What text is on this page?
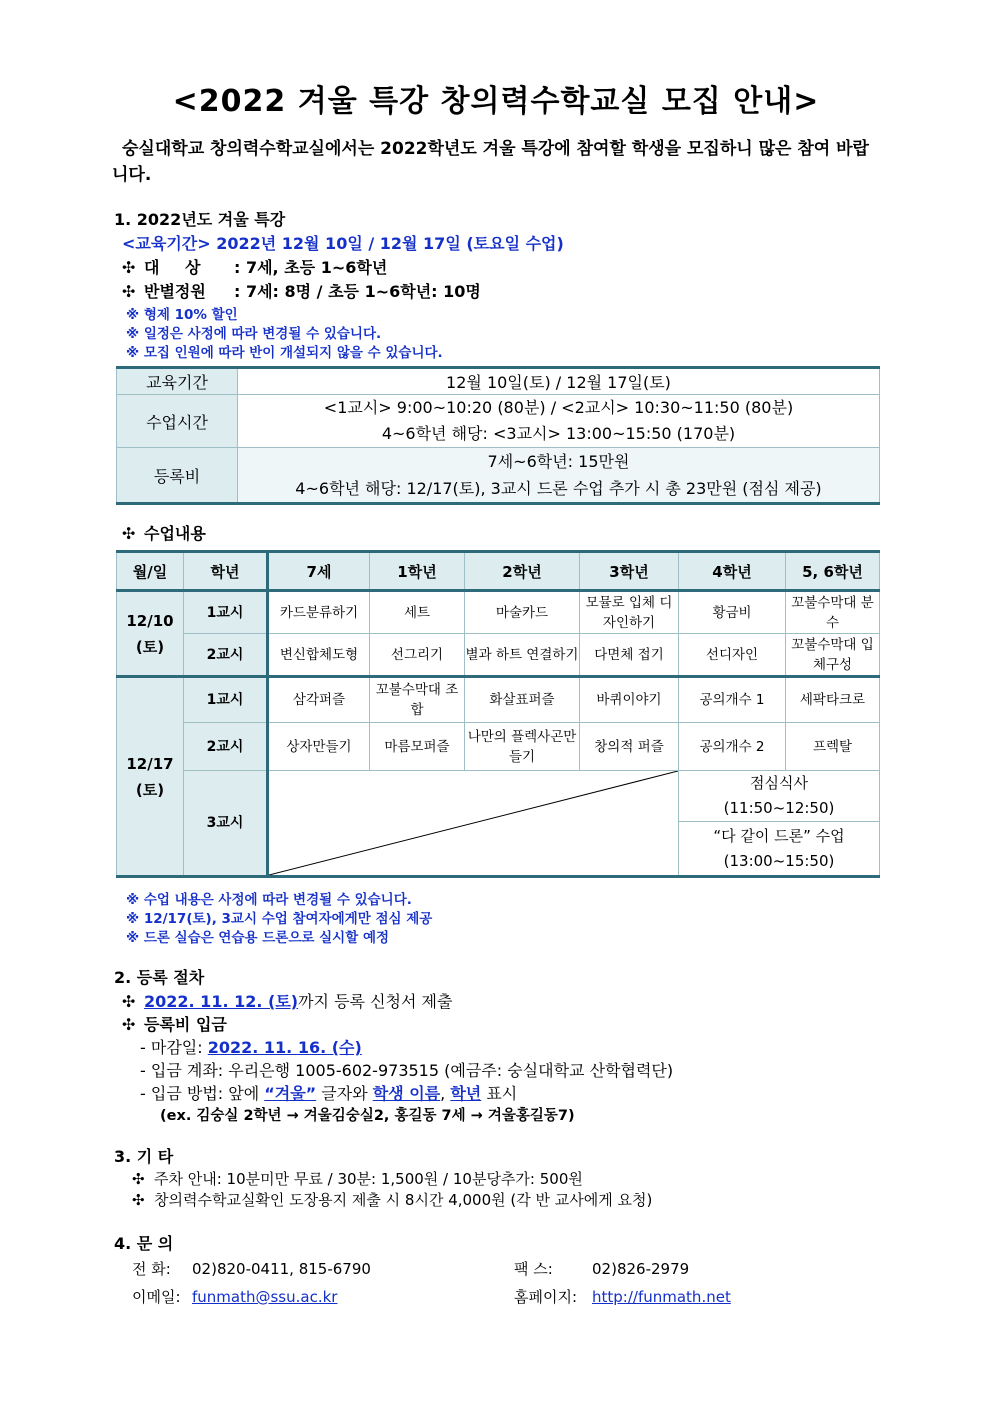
<2022 겨울 특강 창의력수학교실 모집 안내>
숭실대학교 창의력수학교실에서는 2022학년도 겨울 특강에 참여할 학생을 모집하니 많은 참여 바랍니다.
1. 2022년도 겨울 특강
<교육기간> 2022년 12월 10일 / 12월 17일 (토요일 수업)
✣ 대 상 : 7세, 초등 1~6학년
✣ 반별정원 : 7세: 8명 / 초등 1~6학년: 10명
※ 형제 10% 할인
※ 일정은 사정에 따라 변경될 수 있습니다.
※ 모집 인원에 따라 반이 개설되지 않을 수 있습니다.
교육기간	12월 10일(토) / 12월 17일(토)
수업시간	<1교시> 9:00~10:20 (80분) / <2교시> 10:30~11:50 (80분)
4~6학년 해당: <3교시> 13:00~15:50 (170분)

등록비	7세~6학년: 15만원
4~6학년 해당: 12/17(토), 3교시 드론 수업 추가 시 총 23만원 (점심 제공)
✣ 수업내용
월/일	학년	7세	1학년	2학년	3학년	4학년	5, 6학년
12/10
(토)	1교시	카드분류하기	세트	마술카드	모뮬로 입체 디자인하기	황금비	꼬불수막대 분수
	2교시	변신합체도형	선그리기	별과 하트 연결하기	다면체 접기	선디자인	꼬불수막대 입체구성
12/17
(토)	1교시	삼각퍼즐	꼬불수막대 조합	화살표퍼즐	바퀴이야기	공의개수 1	세팍타크로
	2교시	상자만들기	마름모퍼즐	나만의 플렉사곤만들기	창의적 퍼즐	공의개수 2	프렉탈
	3교시					점심식사
(11:50~12:50)	

						“다 같이 드론” 수업
(13:00~15:50)	
※ 수업 내용은 사정에 따라 변경될 수 있습니다.
※ 12/17(토), 3교시 수업 참여자에게만 점심 제공
※ 드론 실습은 연습용 드론으로 실시할 예정
2. 등록 절차
✣ 2022. 11. 12. (토)까지 등록 신청서 제출
✣ 등록비 입금
- 마감일: 2022. 11. 16. (수)
- 입금 계좌: 우리은행 1005-602-973515 (예금주: 숭실대학교 산학협력단)
- 입금 방법: 앞에 “겨울” 글자와 학생 이름, 학년 표시
(ex. 김숭실 2학년 → 겨울김숭실2, 홍길동 7세 → 겨울홍길동7)
3. 기 타
✣ 주차 안내: 10분미만 무료 / 30분: 1,500원 / 10분당추가: 500원
✣ 창의력수학교실확인 도장용지 제출 시 8시간 4,000원 (각 반 교사에게 요청)
4. 문 의
전 화: 02)820-0411, 815-6790	팩 스:	02)826-2979
이메일: funmath@ssu.ac.kr	홈페이지: http://funmath.net
